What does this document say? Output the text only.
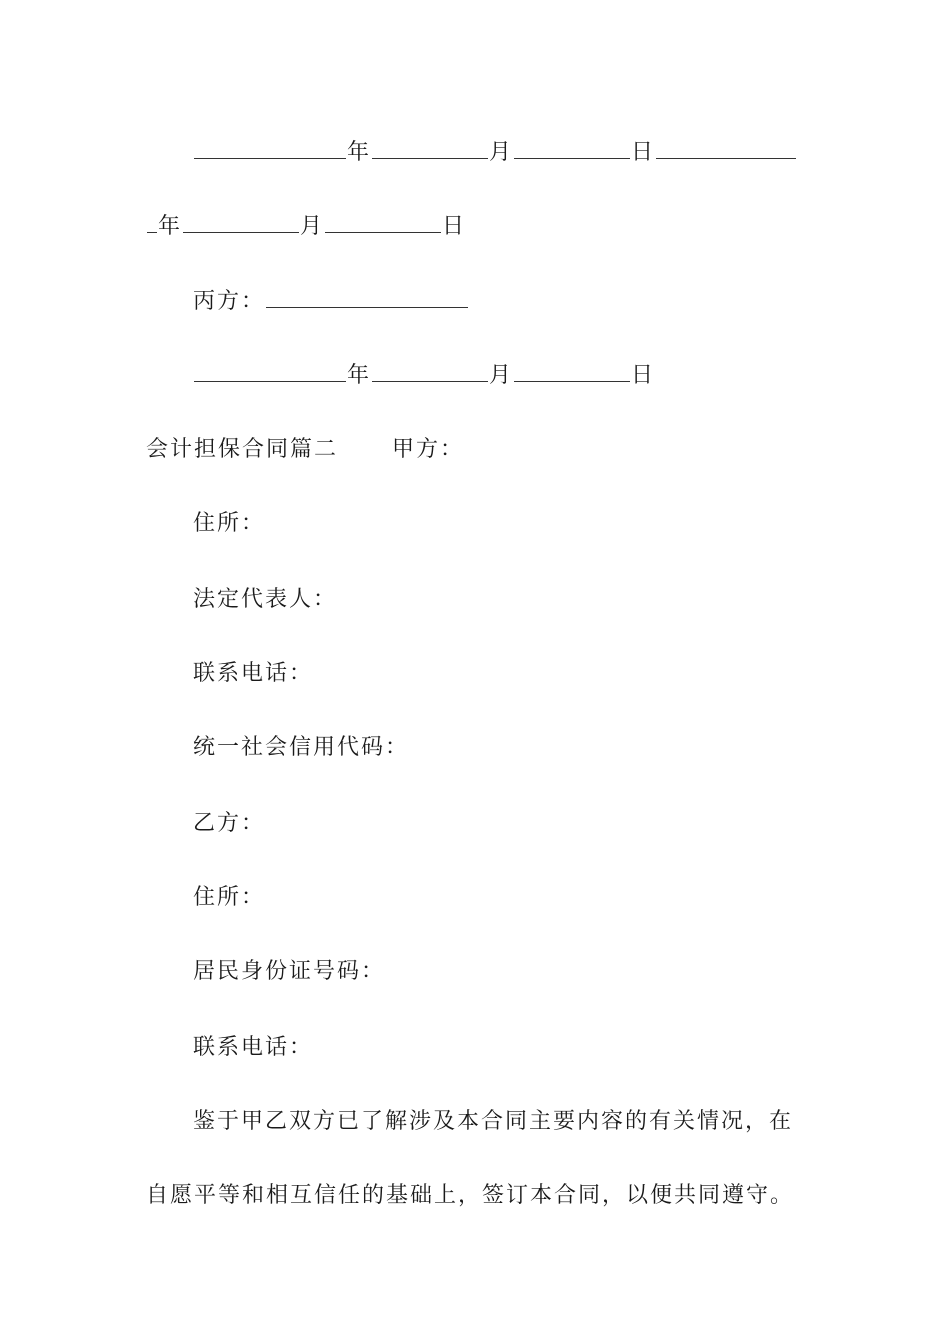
年	月	日
年	月	日
丙方：
年	月	日
会计担保合同篇二 甲方：
住所：
法定代表人：
联系电话：
统一社会信用代码：
乙方：
住所：
居民身份证号码：
联系电话：
鉴于甲乙双方已了解涉及本合同主要内容的有关情况，在
自愿平等和相互信任的基础上，签订本合同，以便共同遵守。
